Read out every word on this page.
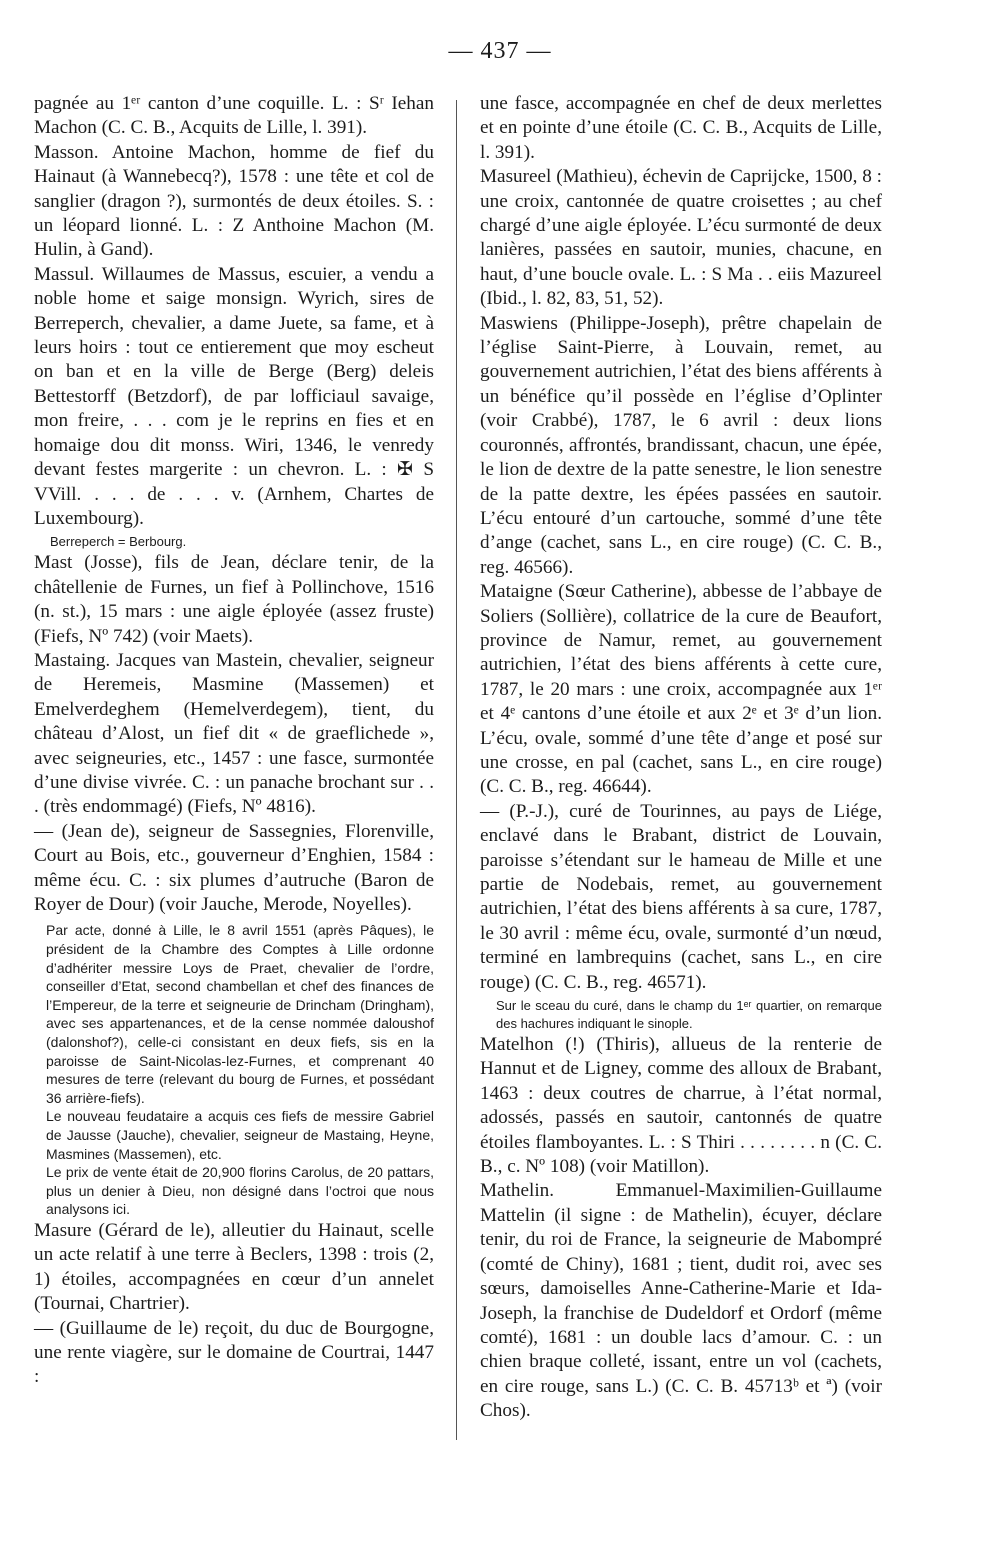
— 437 —

pagnée au 1ᵉʳ canton d’une coquille. L. : Sʳ Iehan Machon (C. C. B., Acquits de Lille, l. 391).

Masson. Antoine Machon, homme de fief du Hainaut (à Wannebecq?), 1578 : une tête et col de sanglier (dragon ?), surmontés de deux étoiles. S. : un léopard lionné. L. : Z Anthoine Machon (M. Hulin, à Gand).

Massul. Willaumes de Massus, escuier, a vendu a noble home et saige monsign. Wyrich, sires de Berreperch, chevalier, a dame Juete, sa fame, et à leurs hoirs : tout ce entierement que moy escheut on ban et en la ville de Berge (Berg) deleis Bettestorff (Betzdorf), de par lofficiaul savaige, mon freire, . . . com je le reprins en fies et en homaige dou dit monss. Wiri, 1346, le venredy devant festes margerite : un chevron. L. : ✠ S VVill. . . . de . . . v. (Arnhem, Chartes de Luxembourg).

Berreperch = Berbourg.

Mast (Josse), fils de Jean, déclare tenir, de la châtellenie de Furnes, un fief à Pollinchove, 1516 (n. st.), 15 mars : une aigle éployée (assez fruste) (Fiefs, Nº 742) (voir Maets).

Mastaing. Jacques van Mastein, chevalier, seigneur de Heremeis, Masmine (Massemen) et Emelverdeghem (Hemelverdegem), tient, du château d’Alost, un fief dit « de graeflichede », avec seigneuries, etc., 1457 : une fasce, surmontée d’une divise vivrée. C. : un panache brochant sur . . . (très endommagé) (Fiefs, Nº 4816).

— (Jean de), seigneur de Sassegnies, Florenville, Court au Bois, etc., gouverneur d’Enghien, 1584 : même écu. C. : six plumes d’autruche (Baron de Royer de Dour) (voir Jauche, Merode, Noyelles).

Par acte, donné à Lille, le 8 avril 1551 (après Pâques), le président de la Chambre des Comptes à Lille ordonne d’adhériter messire Loys de Praet, chevalier de l’ordre, conseiller d’Etat, second chambellan et chef des finances de l’Empereur, de la terre et seigneurie de Drincham (Dringham), avec ses appartenances, et de la cense nommée daloushof (dalonshof?), celle-ci consistant en deux fiefs, sis en la paroisse de Saint-Nicolas-lez-Furnes, et comprenant 40 mesures de terre (relevant du bourg de Furnes, et possédant 36 arrière-fiefs).

Le nouveau feudataire a acquis ces fiefs de messire Gabriel de Jausse (Jauche), chevalier, seigneur de Mastaing, Heyne, Masmines (Massemen), etc.

Le prix de vente était de 20,900 florins Carolus, de 20 pattars, plus un denier à Dieu, non désigné dans l’octroi que nous analysons ici.

Masure (Gérard de le), alleutier du Hainaut, scelle un acte relatif à une terre à Beclers, 1398 : trois (2, 1) étoiles, accompagnées en cœur d’un annelet (Tournai, Chartrier).

— (Guillaume de le) reçoit, du duc de Bourgogne, une rente viagère, sur le domaine de Courtrai, 1447 :

une fasce, accompagnée en chef de deux merlettes et en pointe d’une étoile (C. C. B., Acquits de Lille, l. 391).

Masureel (Mathieu), échevin de Caprijcke, 1500, 8 : une croix, cantonnée de quatre croisettes ; au chef chargé d’une aigle éployée. L’écu surmonté de deux lanières, passées en sautoir, munies, chacune, en haut, d’une boucle ovale. L. : S Ma . . eiis Mazureel (Ibid., l. 82, 83, 51, 52).

Maswiens (Philippe-Joseph), prêtre chapelain de l’église Saint-Pierre, à Louvain, remet, au gouvernement autrichien, l’état des biens afférents à un bénéfice qu’il possède en l’église d’Oplinter (voir Crabbé), 1787, le 6 avril : deux lions couronnés, affrontés, brandissant, chacun, une épée, le lion de dextre de la patte senestre, le lion senestre de la patte dextre, les épées passées en sautoir. L’écu entouré d’un cartouche, sommé d’une tête d’ange (cachet, sans L., en cire rouge) (C. C. B., reg. 46566).

Mataigne (Sœur Catherine), abbesse de l’abbaye de Soliers (Sollière), collatrice de la cure de Beaufort, province de Namur, remet, au gouvernement autrichien, l’état des biens afférents à cette cure, 1787, le 20 mars : une croix, accompagnée aux 1ᵉʳ et 4ᵉ cantons d’une étoile et aux 2ᵉ et 3ᵉ d’un lion. L’écu, ovale, sommé d’une tête d’ange et posé sur une crosse, en pal (cachet, sans L., en cire rouge) (C. C. B., reg. 46644).

— (P.-J.), curé de Tourinnes, au pays de Liége, enclavé dans le Brabant, district de Louvain, paroisse s’étendant sur le hameau de Mille et une partie de Nodebais, remet, au gouvernement autrichien, l’état des biens afférents à sa cure, 1787, le 30 avril : même écu, ovale, surmonté d’un nœud, terminé en lambrequins (cachet, sans L., en cire rouge) (C. C. B., reg. 46571).

Sur le sceau du curé, dans le champ du 1ᵉʳ quartier, on remarque des hachures indiquant le sinople.

Matelhon (!) (Thiris), allueus de la renterie de Hannut et de Ligney, comme des alloux de Brabant, 1463 : deux coutres de charrue, à l’état normal, adossés, passés en sautoir, cantonnés de quatre étoiles flamboyantes. L. : S Thiri . . . . . . . . n (C. C. B., c. Nº 108) (voir Matillon).

Mathelin. Emmanuel-Maximilien-Guillaume Mattelin (il signe : de Mathelin), écuyer, déclare tenir, du roi de France, la seigneurie de Mabompré (comté de Chiny), 1681 ; tient, dudit roi, avec ses sœurs, damoiselles Anne-Catherine-Marie et Ida-Joseph, la franchise de Dudeldorf et Ordorf (même comté), 1681 : un double lacs d’amour. C. : un chien braque colleté, issant, entre un vol (cachets, en cire rouge, sans L.) (C. C. B. 45713ᵇ et ª) (voir Chos).
